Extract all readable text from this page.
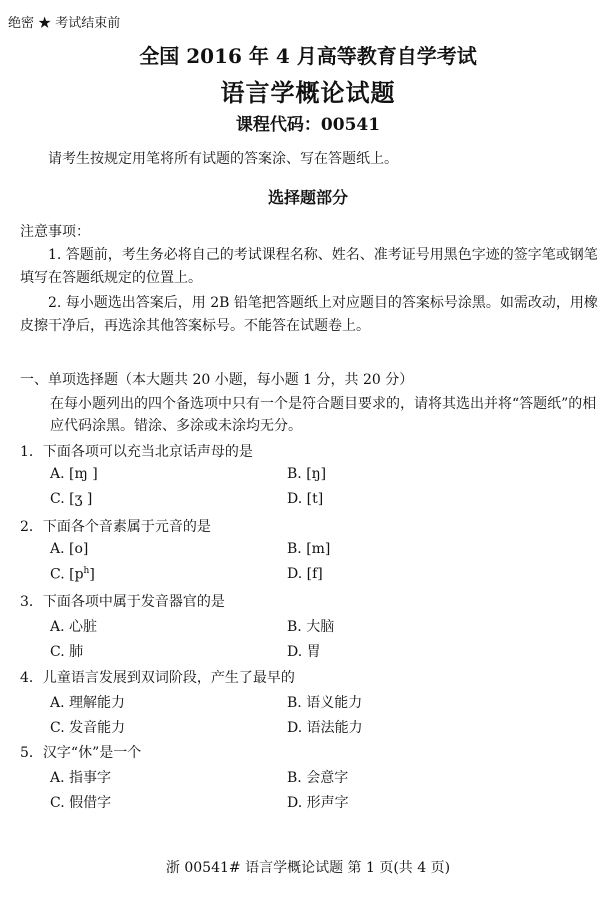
绝密 ★ 考试结束前
全国 2016 年 4 月高等教育自学考试
语言学概论试题
课程代码：00541
请考生按规定用笔将所有试题的答案涂、写在答题纸上。
选择题部分
注意事项：
1. 答题前，考生务必将自己的考试课程名称、姓名、准考证号用黑色字迹的签字笔或钢笔填写在答题纸规定的位置上。
2. 每小题选出答案后，用 2B 铅笔把答题纸上对应题目的答案标号涂黑。如需改动，用橡皮擦干净后，再选涂其他答案标号。不能答在试题卷上。
一、单项选择题（本大题共 20 小题，每小题 1 分，共 20 分）
在每小题列出的四个备选项中只有一个是符合题目要求的，请将其选出并将“答题纸”的相应代码涂黑。错涂、多涂或未涂均无分。
1．下面各项可以充当北京话声母的是
A. [ɱ ]	B. [ŋ]
C. [ʒ ]	D. [t]
2．下面各个音素属于元音的是
A. [o]	B. [m]
C. $[p^h]$	D. [f]
3．下面各项中属于发音器官的是
A. 心脏	B. 大脑
C. 肺	D. 胃
4．儿童语言发展到双词阶段，产生了最早的
A. 理解能力	B. 语义能力
C. 发音能力	D. 语法能力
5．汉字“休”是一个
A. 指事字	B. 会意字
C. 假借字	D. 形声字
浙 00541# 语言学概论试题 第 1 页(共 4 页)
